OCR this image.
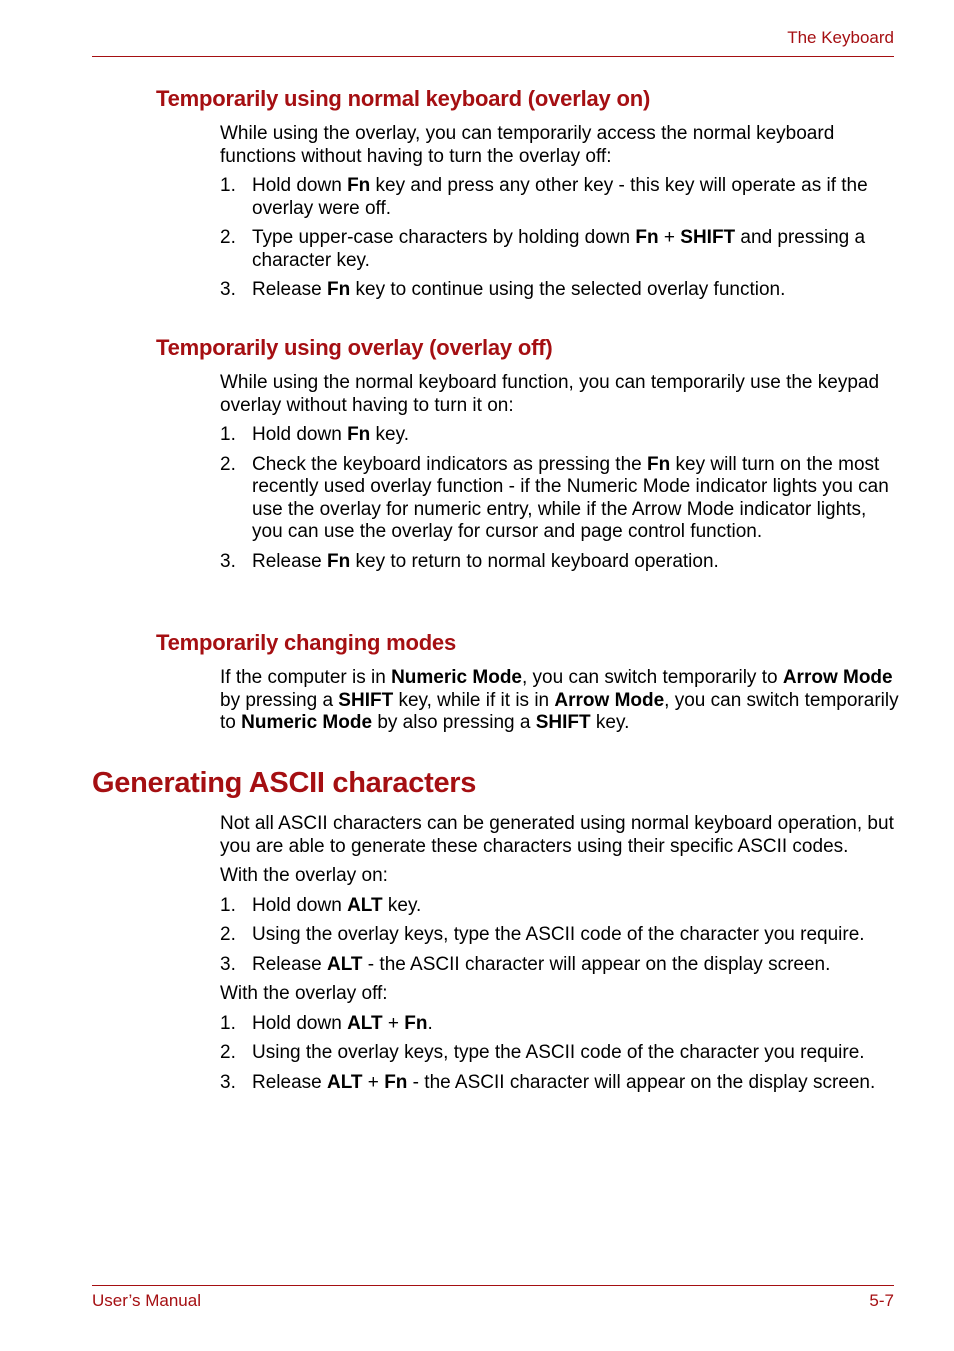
The Keyboard
Temporarily using normal keyboard (overlay on)

While using the overlay, you can temporarily access the normal keyboard functions without having to turn the overlay off:

1. Hold down Fn key and press any other key - this key will operate as if the overlay were off.
2. Type upper-case characters by holding down Fn + SHIFT and pressing a character key.
3. Release Fn key to continue using the selected overlay function.
Temporarily using overlay (overlay off)

While using the normal keyboard function, you can temporarily use the keypad overlay without having to turn it on:

1. Hold down Fn key.
2. Check the keyboard indicators as pressing the Fn key will turn on the most recently used overlay function - if the Numeric Mode indicator lights you can use the overlay for numeric entry, while if the Arrow Mode indicator lights, you can use the overlay for cursor and page control function.
3. Release Fn key to return to normal keyboard operation.
Temporarily changing modes

If the computer is in Numeric Mode, you can switch temporarily to Arrow Mode by pressing a SHIFT key, while if it is in Arrow Mode, you can switch temporarily to Numeric Mode by also pressing a SHIFT key.

Generating ASCII characters

Not all ASCII characters can be generated using normal keyboard operation, but you are able to generate these characters using their specific ASCII codes.

With the overlay on:

1. Hold down ALT key.
2. Using the overlay keys, type the ASCII code of the character you require.
3. Release ALT - the ASCII character will appear on the display screen.

With the overlay off:

1. Hold down ALT + Fn.
2. Using the overlay keys, type the ASCII code of the character you require.
3. Release ALT + Fn - the ASCII character will appear on the display screen.
User’s Manual	5-7
